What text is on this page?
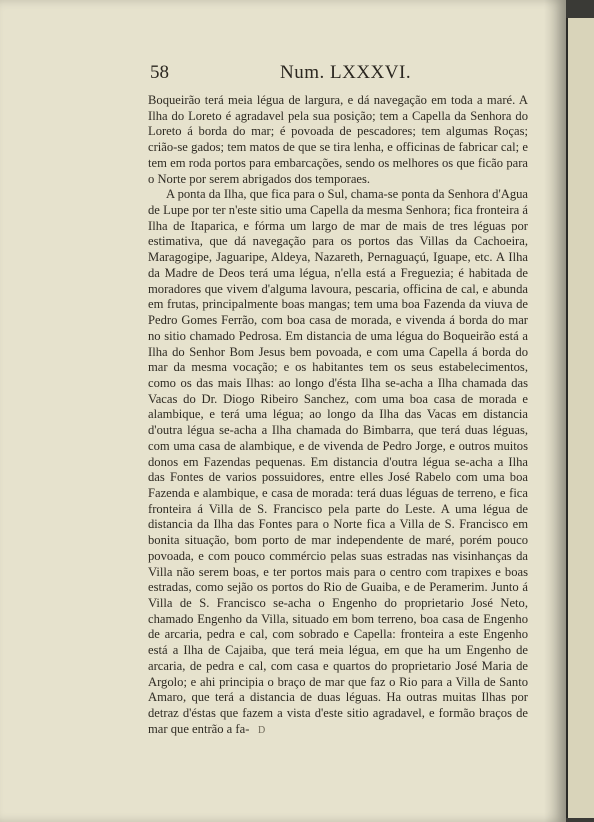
58	Num. LXXXVI.

Boqueirão terá meia légua de largura, e dá navegação em toda a maré. A Ilha do Loreto é agradavel pela sua posição; tem a Capella da Senhora do Loreto á borda do mar; é povoada de pescadores; tem algumas Roças; crião-se gados; tem matos de que se tira lenha, e officinas de fabricar cal; e tem em roda portos para embarcações, sendo os melhores os que ficão para o Norte por serem abrigados dos temporaes.

A ponta da Ilha, que fica para o Sul, chama-se ponta da Senhora d'Agua de Lupe por ter n'este sitio uma Capella da mesma Senhora; fica fronteira á Ilha de Itaparica, e fórma um largo de mar de mais de tres léguas por estimativa, que dá navegação para os portos das Villas da Cachoeira, Maragogipe, Jaguaripe, Aldeya, Nazareth, Pernaguaçú, Iguape, etc. A Ilha da Madre de Deos terá uma légua, n'ella está a Freguezia; é habitada de moradores que vivem d'alguma lavoura, pescaria, officina de cal, e abunda em frutas, principalmente boas mangas; tem uma boa Fazenda da viuva de Pedro Gomes Ferrão, com boa casa de morada, e vivenda á borda do mar no sitio chamado Pedrosa. Em distancia de uma légua do Boqueirão está a Ilha do Senhor Bom Jesus bem povoada, e com uma Capella á borda do mar da mesma vocação; e os habitantes tem os seus estabelecimentos, como os das mais Ilhas: ao longo d'ésta Ilha se-acha a Ilha chamada das Vacas do Dr. Diogo Ribeiro Sanchez, com uma boa casa de morada e alambique, e terá uma légua; ao longo da Ilha das Vacas em distancia d'outra légua se-acha a Ilha chamada do Bimbarra, que terá duas léguas, com uma casa de alambique, e de vivenda de Pedro Jorge, e outros muitos donos em Fazendas pequenas. Em distancia d'outra légua se-acha a Ilha das Fontes de varios possuidores, entre elles José Rabelo com uma boa Fazenda e alambique, e casa de morada: terá duas léguas de terreno, e fica fronteira á Villa de S. Francisco pela parte do Leste. A uma légua de distancia da Ilha das Fontes para o Norte fica a Villa de S. Francisco em bonita situação, bom porto de mar independente de maré, porém pouco povoada, e com pouco commércio pelas suas estradas nas visinhanças da Villa não serem boas, e ter portos mais para o centro com trapixes e boas estradas, como sejão os portos do Rio de Guaiba, e de Peramerim. Junto á Villa de S. Francisco se-acha o Engenho do proprietario José Neto, chamado Engenho da Villa, situado em bom terreno, boa casa de Engenho de arcaria, pedra e cal, com sobrado e Capella: fronteira a este Engenho está a Ilha de Cajaiba, que terá meia légua, em que ha um Engenho de arcaria, de pedra e cal, com casa e quartos do proprietario José Maria de Argolo; e ahi principia o braço de mar que faz o Rio para a Villa de Santo Amaro, que terá a distancia de duas léguas. Ha outras muitas Ilhas por detraz d'éstas que fazem a vista d'este sitio agradavel, e formão braços de mar que entrão a fa- D
